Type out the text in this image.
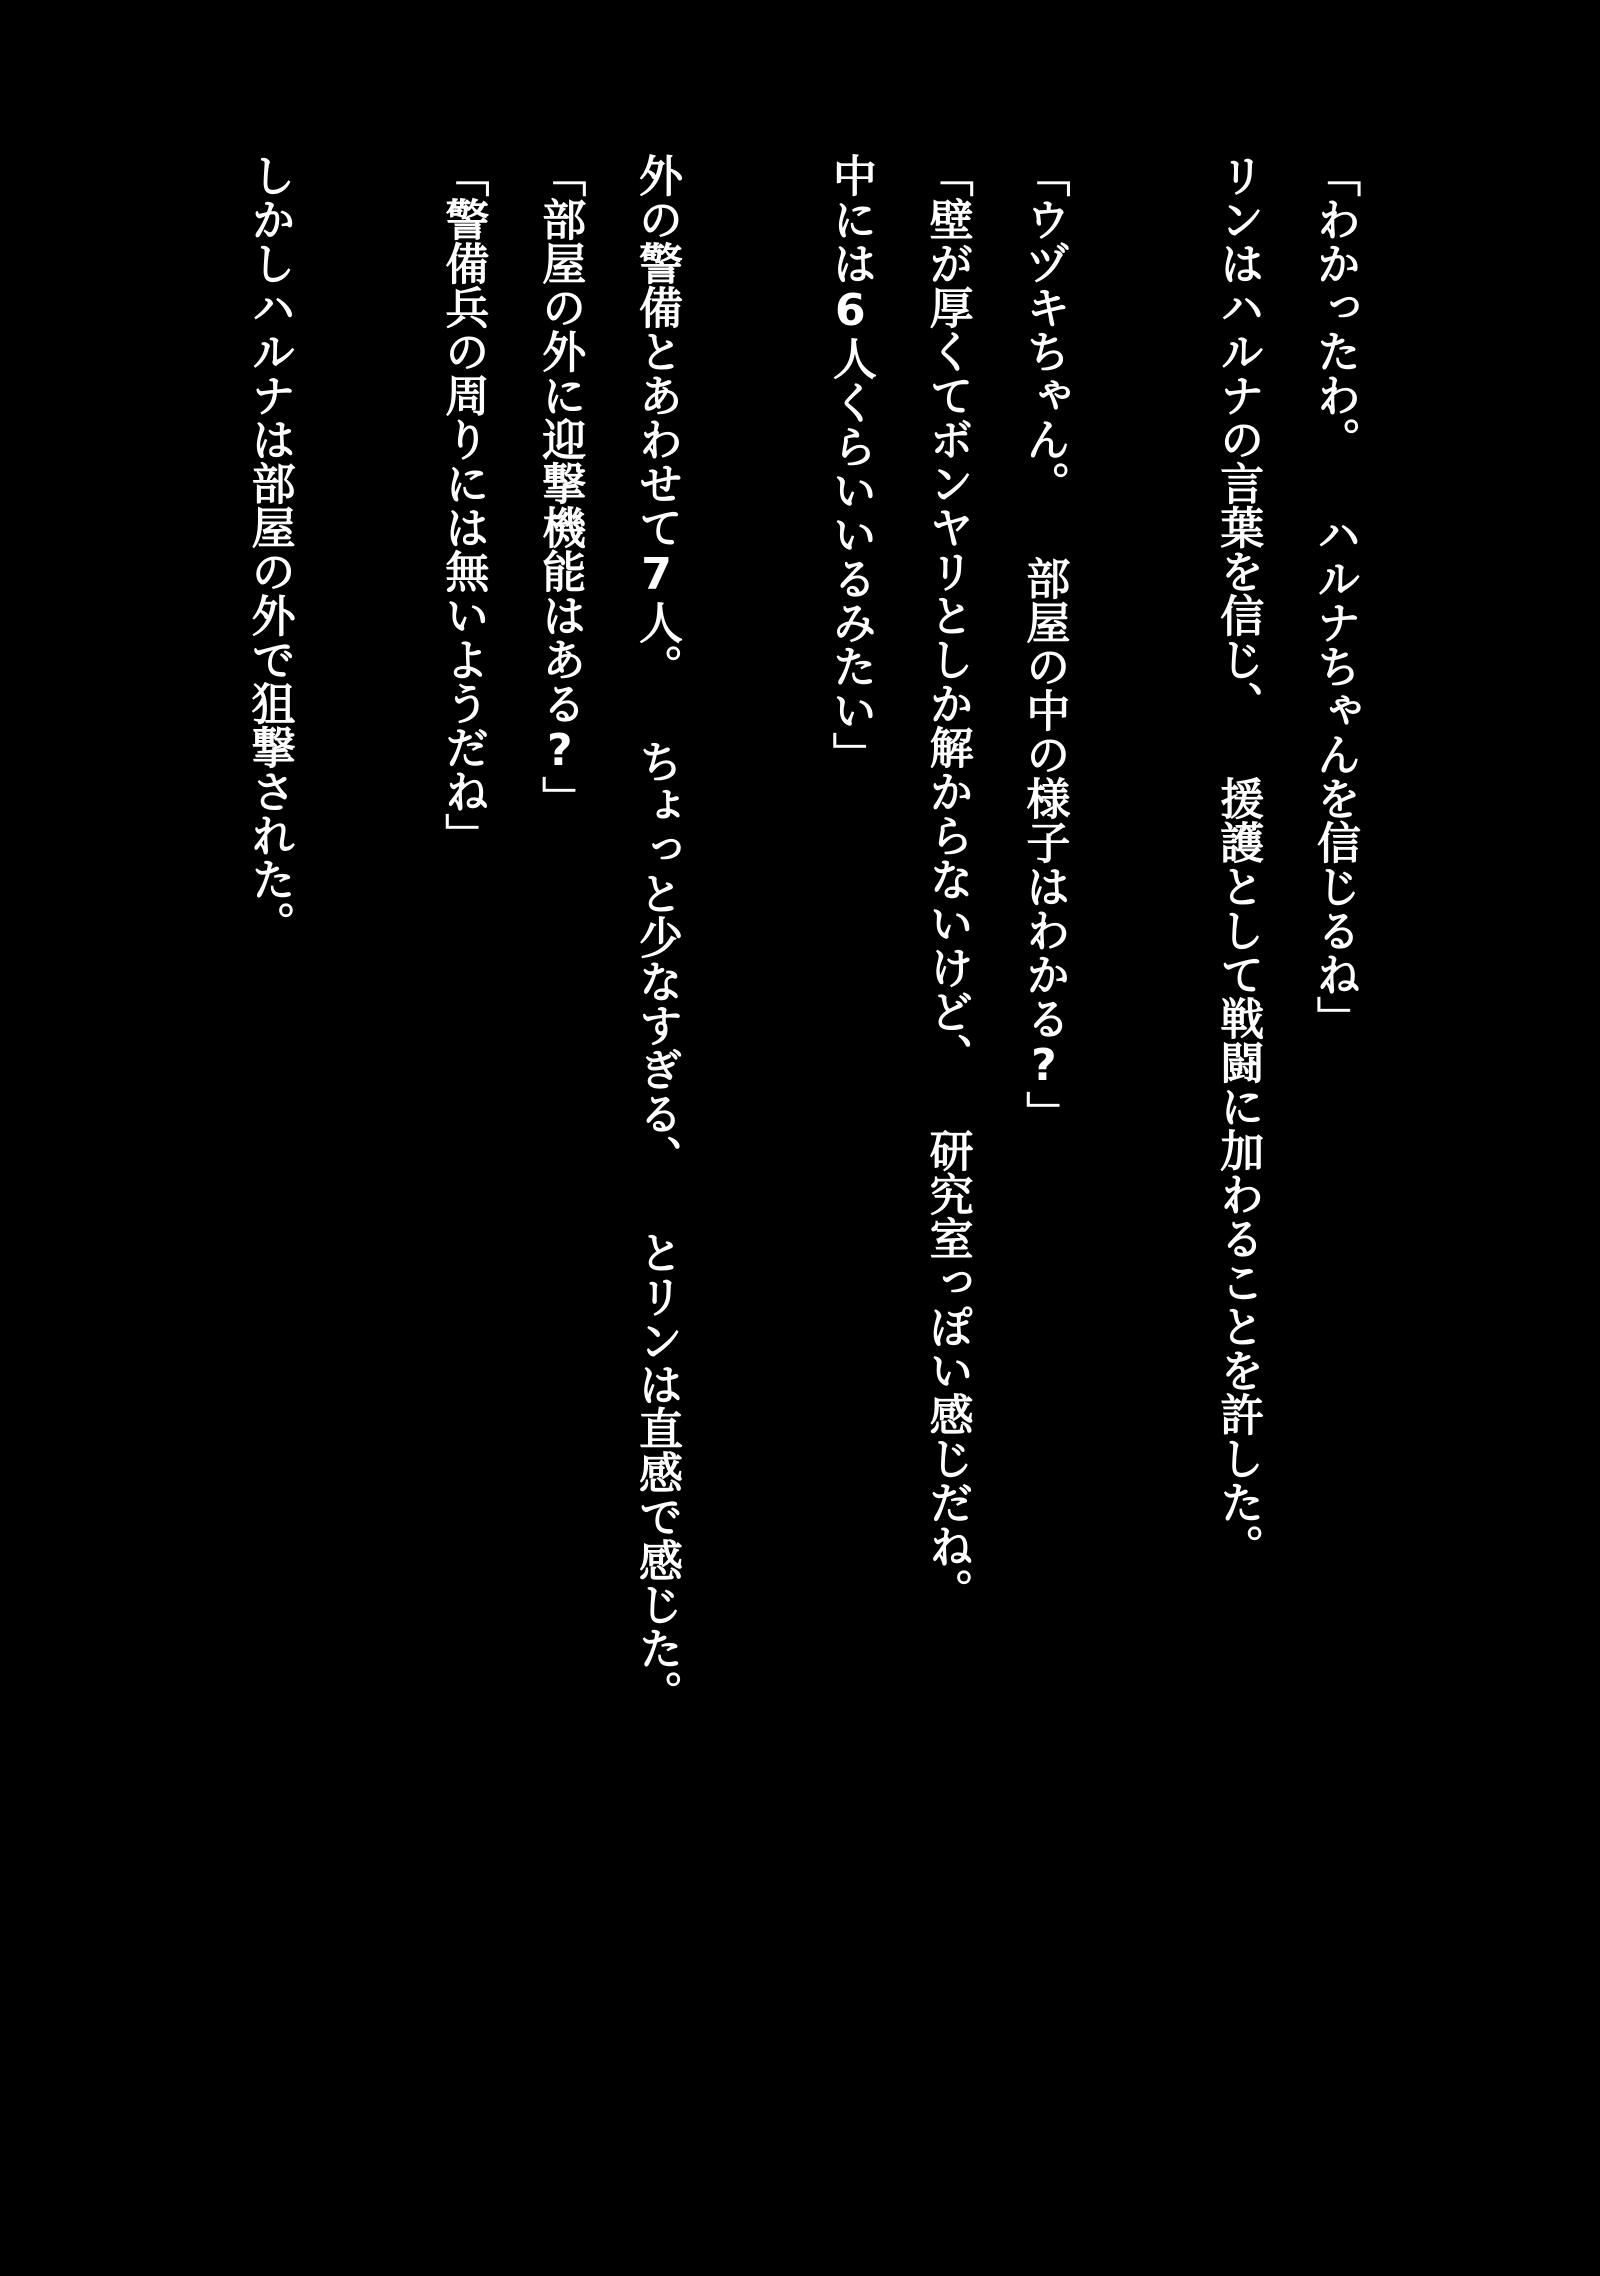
「わかったわ。 ハルナちゃんを信じるね」
リンはハルナの言葉を信じ、 援護として戦闘に加わることを許した。
「ウヅキちゃん。 部屋の中の様子はわかる?」
「壁が厚くてボンヤリとしか解からないけど、 研究室っぽい感じだね。
中には6人くらいいるみたい」
外の警備とあわせて7人。 ちょっと少なすぎる、 とリンは直感で感じた。
「部屋の外に迎撃機能はある?」
「警備兵の周りには無いようだね」
しかしハルナは部屋の外で狙撃された。
